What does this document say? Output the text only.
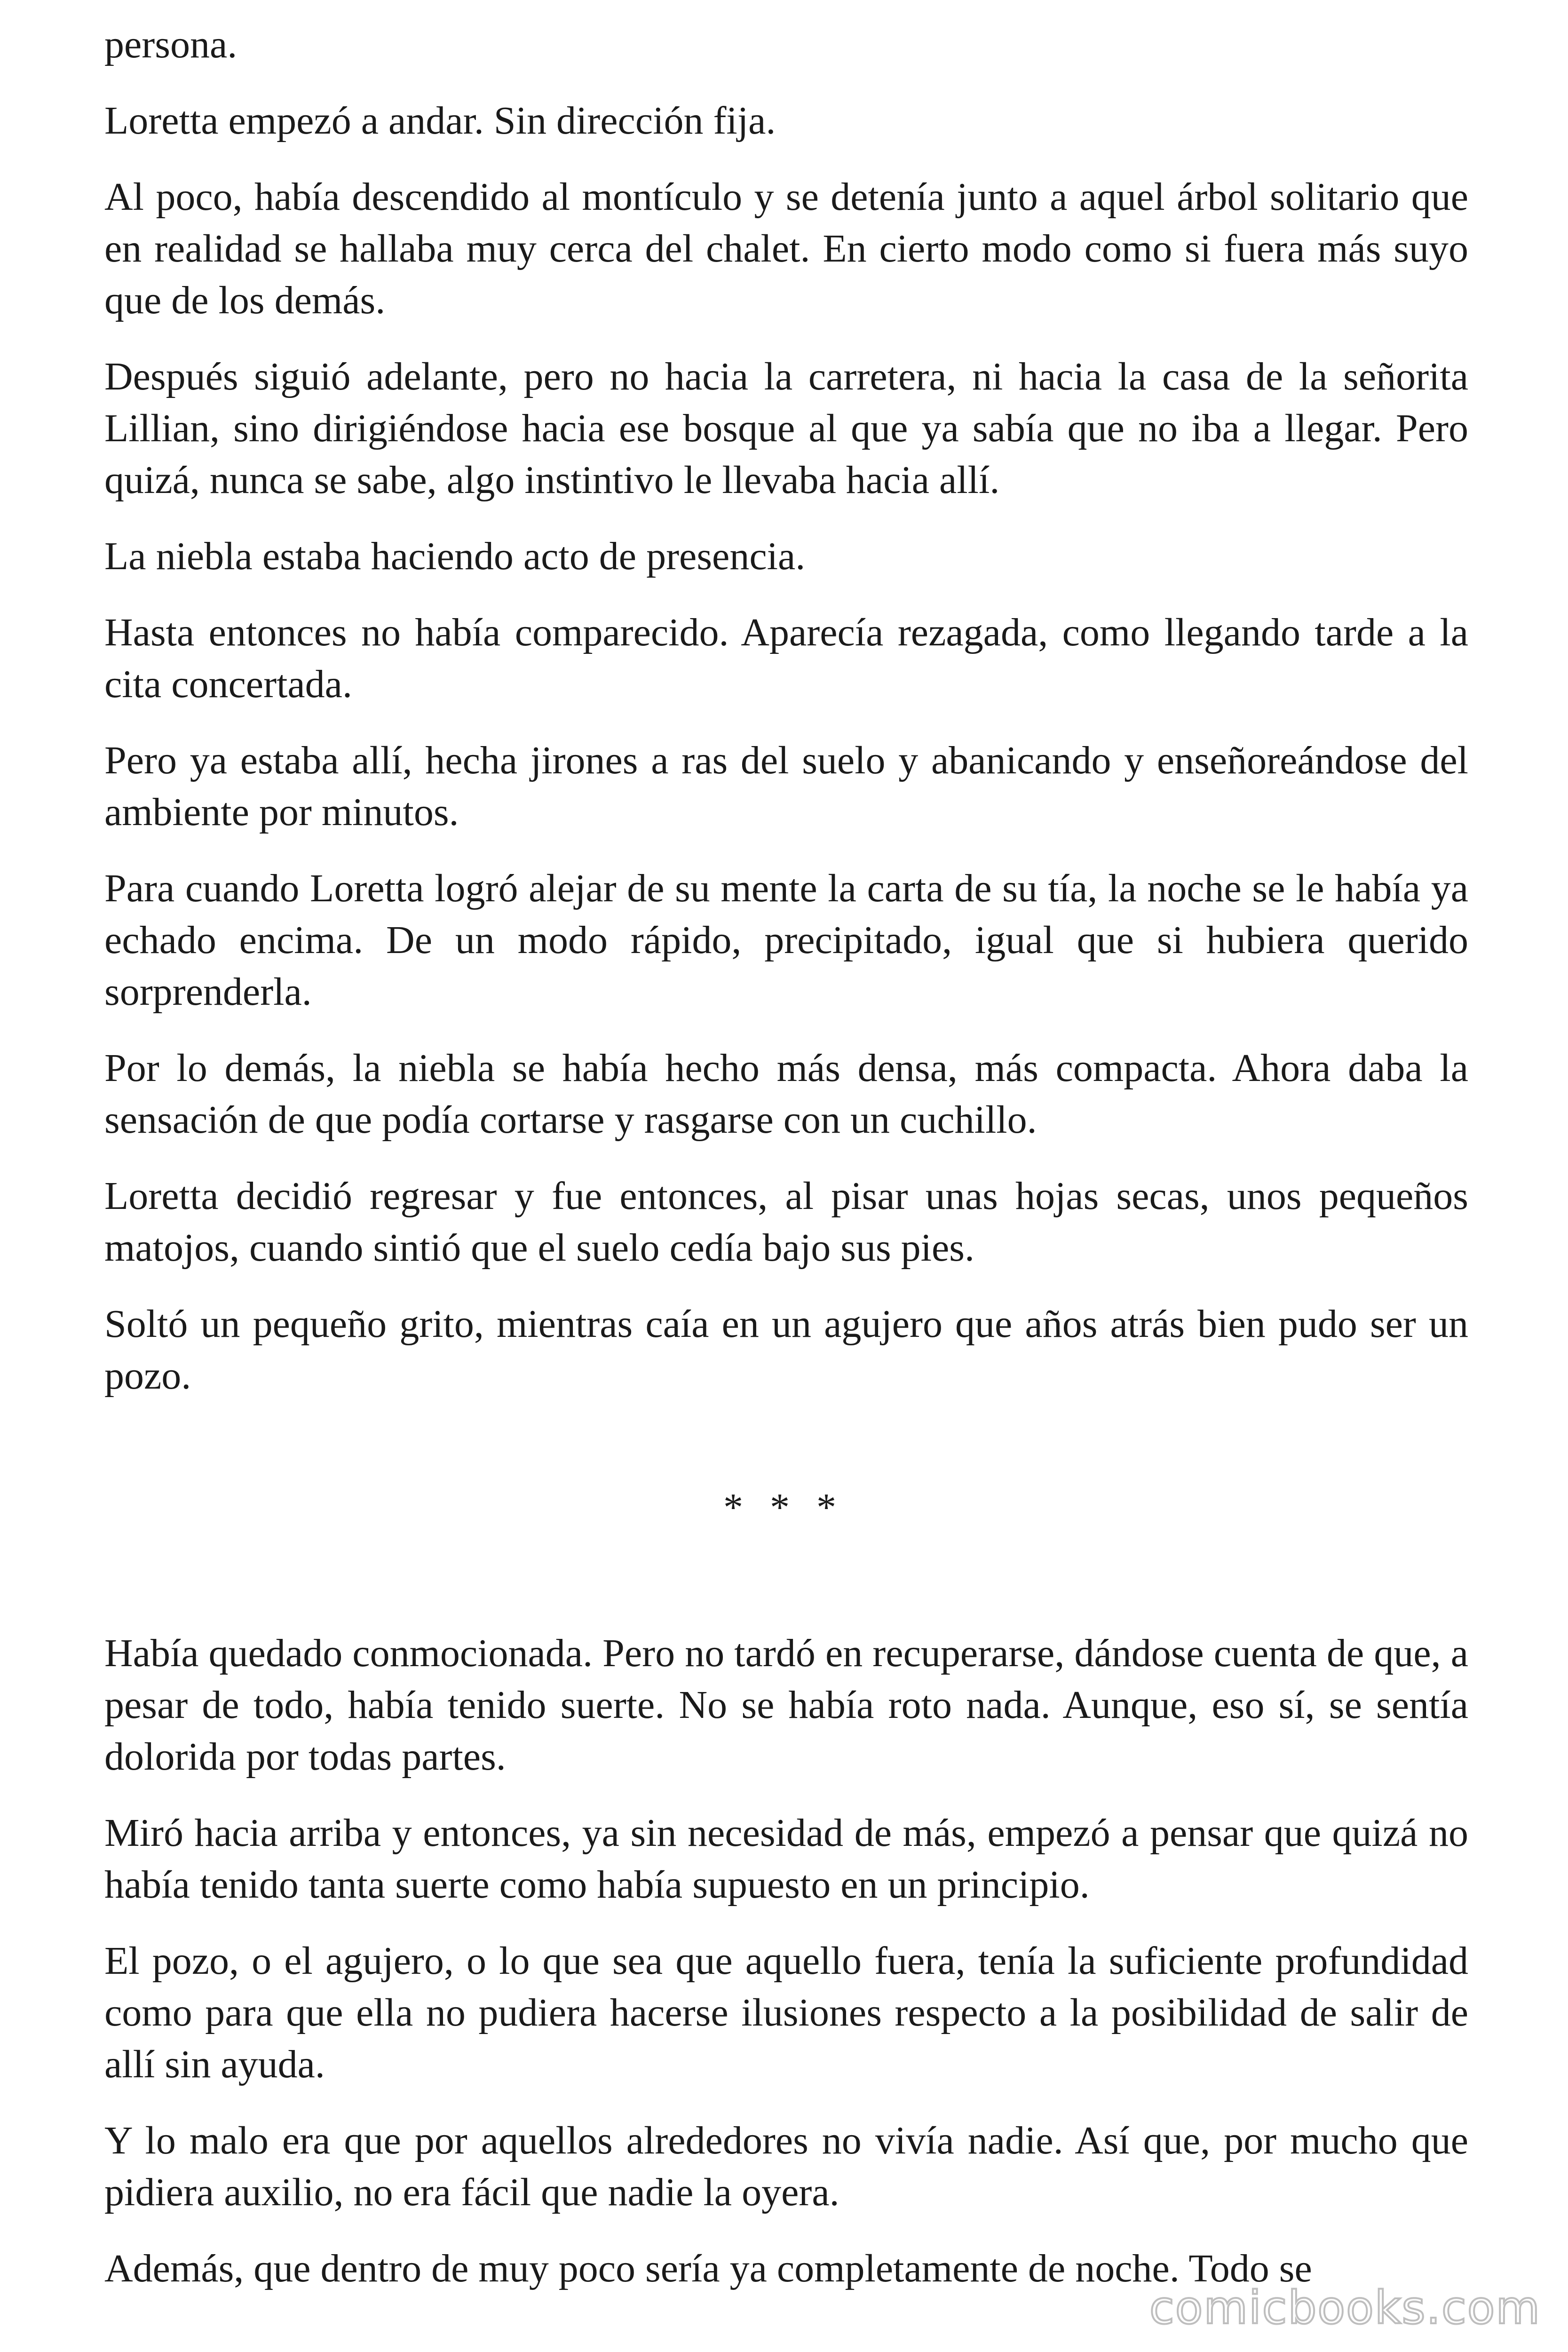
persona.

Loretta empezó a andar. Sin dirección fija.

Al poco, había descendido al montículo y se detenía junto a aquel árbol solitario que en realidad se hallaba muy cerca del chalet. En cierto modo como si fuera más suyo que de los demás.

Después siguió adelante, pero no hacia la carretera, ni hacia la casa de la señorita Lillian, sino dirigiéndose hacia ese bosque al que ya sabía que no iba a llegar. Pero quizá, nunca se sabe, algo instintivo le llevaba hacia allí.

La niebla estaba haciendo acto de presencia.

Hasta entonces no había comparecido. Aparecía rezagada, como llegando tarde a la cita concertada.

Pero ya estaba allí, hecha jirones a ras del suelo y abanicando y enseñoreándose del ambiente por minutos.

Para cuando Loretta logró alejar de su mente la carta de su tía, la noche se le había ya echado encima. De un modo rápido, precipitado, igual que si hubiera querido sorprenderla.

Por lo demás, la niebla se había hecho más densa, más compacta. Ahora daba la sensación de que podía cortarse y rasgarse con un cuchillo.

Loretta decidió regresar y fue entonces, al pisar unas hojas secas, unos pequeños matojos, cuando sintió que el suelo cedía bajo sus pies.

Soltó un pequeño grito, mientras caía en un agujero que años atrás bien pudo ser un pozo.

* * *

Había quedado conmocionada. Pero no tardó en recuperarse, dándose cuenta de que, a pesar de todo, había tenido suerte. No se había roto nada. Aunque, eso sí, se sentía dolorida por todas partes.

Miró hacia arriba y entonces, ya sin necesidad de más, empezó a pensar que quizá no había tenido tanta suerte como había supuesto en un principio.

El pozo, o el agujero, o lo que sea que aquello fuera, tenía la suficiente profundidad como para que ella no pudiera hacerse ilusiones respecto a la posibilidad de salir de allí sin ayuda.

Y lo malo era que por aquellos alrededores no vivía nadie. Así que, por mucho que pidiera auxilio, no era fácil que nadie la oyera.

Además, que dentro de muy poco sería ya completamente de noche. Todo se

comicbooks.com
